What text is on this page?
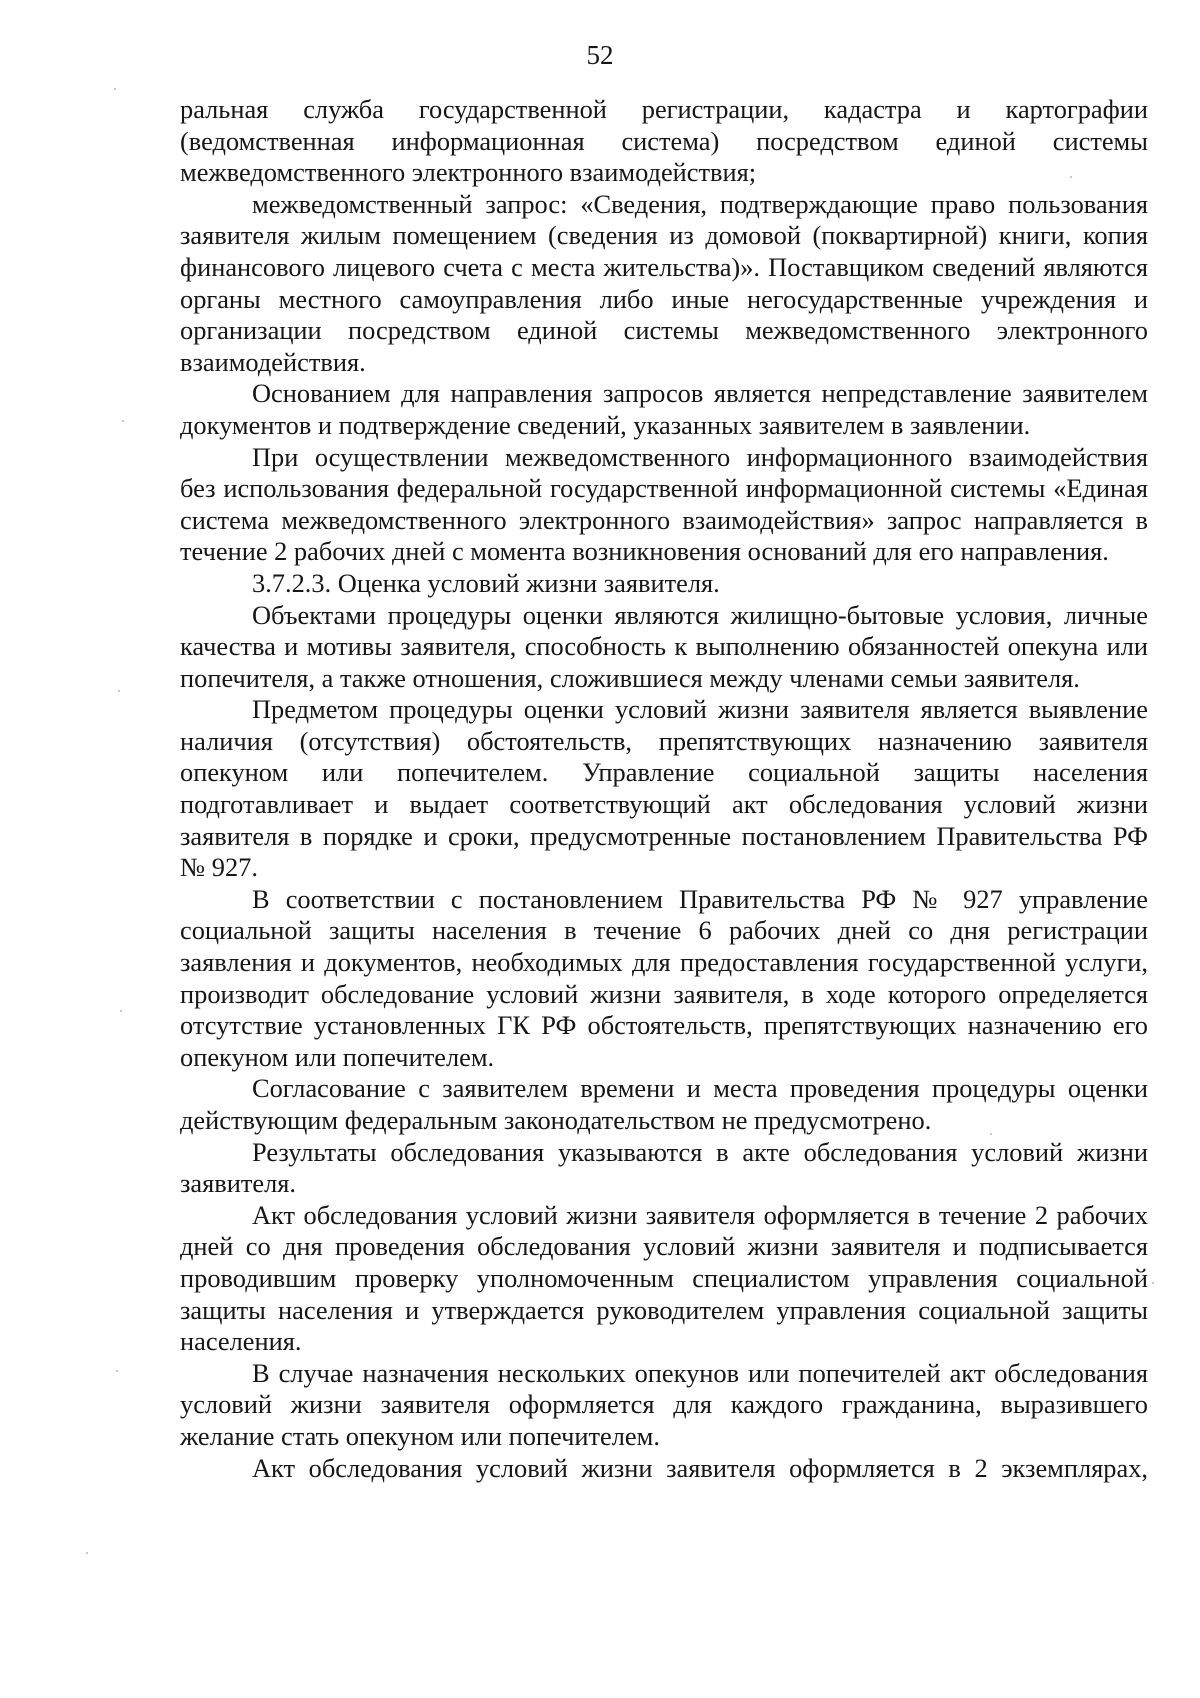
52

ральная служба государственной регистрации, кадастра и картографии (ведомственная информационная система) посредством единой системы межведомственного электронного взаимодействия;

межведомственный запрос: «Сведения, подтверждающие право пользования заявителя жилым помещением (сведения из домовой (поквартирной) книги, копия финансового лицевого счета с места жительства)». Поставщиком сведений являются органы местного самоуправления либо иные негосударственные учреждения и организации посредством единой системы межведомственного электронного взаимодействия.

Основанием для направления запросов является непредставление заявителем документов и подтверждение сведений, указанных заявителем в заявлении.

При осуществлении межведомственного информационного взаимодействия без использования федеральной государственной информационной системы «Единая система межведомственного электронного взаимодействия» запрос направляется в течение 2 рабочих дней с момента возникновения оснований для его направления.

3.7.2.3. Оценка условий жизни заявителя.

Объектами процедуры оценки являются жилищно-бытовые условия, личные качества и мотивы заявителя, способность к выполнению обязанностей опекуна или попечителя, а также отношения, сложившиеся между членами семьи заявителя.

Предметом процедуры оценки условий жизни заявителя является выявление наличия (отсутствия) обстоятельств, препятствующих назначению заявителя опекуном или попечителем. Управление социальной защиты населения подготавливает и выдает соответствующий акт обследования условий жизни заявителя в порядке и сроки, предусмотренные постановлением Правительства РФ № 927.

В соответствии с постановлением Правительства РФ № 927 управление социальной защиты населения в течение 6 рабочих дней со дня регистрации заявления и документов, необходимых для предоставления государственной услуги, производит обследование условий жизни заявителя, в ходе которого определяется отсутствие установленных ГК РФ обстоятельств, препятствующих назначению его опекуном или попечителем.

Согласование с заявителем времени и места проведения процедуры оценки действующим федеральным законодательством не предусмотрено.

Результаты обследования указываются в акте обследования условий жизни заявителя.

Акт обследования условий жизни заявителя оформляется в течение 2 рабочих дней со дня проведения обследования условий жизни заявителя и подписывается проводившим проверку уполномоченным специалистом управления социальной защиты населения и утверждается руководителем управления социальной защиты населения.

В случае назначения нескольких опекунов или попечителей акт обследования условий жизни заявителя оформляется для каждого гражданина, выразившего желание стать опекуном или попечителем.

Акт обследования условий жизни заявителя оформляется в 2 экземплярах,
